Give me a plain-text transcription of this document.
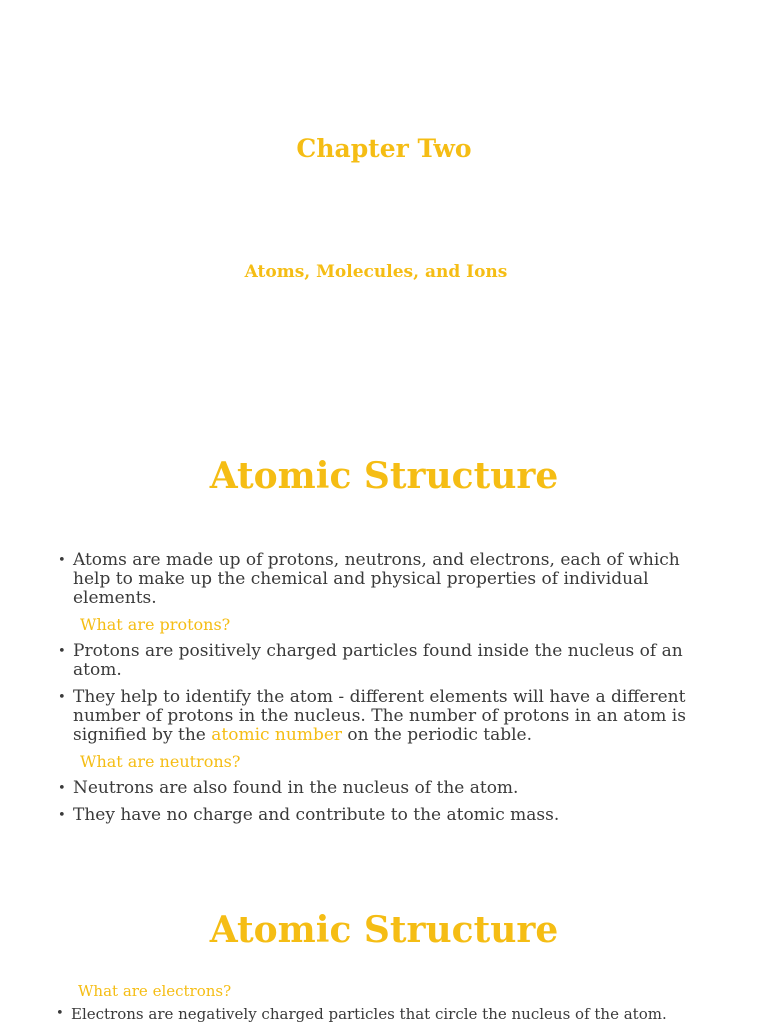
Chapter Two
Atoms, Molecules, and Ions
Atomic Structure
• Atoms are made up of protons, neutrons, and electrons, each of which help to make up the chemical and physical properties of individual elements.
What are protons?
• Protons are positively charged particles found inside the nucleus of an atom.
• They help to identify the atom - different elements will have a different number of protons in the nucleus. The number of protons in an atom is signified by the atomic number on the periodic table.
What are neutrons?
• Neutrons are also found in the nucleus of the atom.
• They have no charge and contribute to the atomic mass.
Atomic Structure
What are electrons?
• Electrons are negatively charged particles that circle the nucleus of the atom.
